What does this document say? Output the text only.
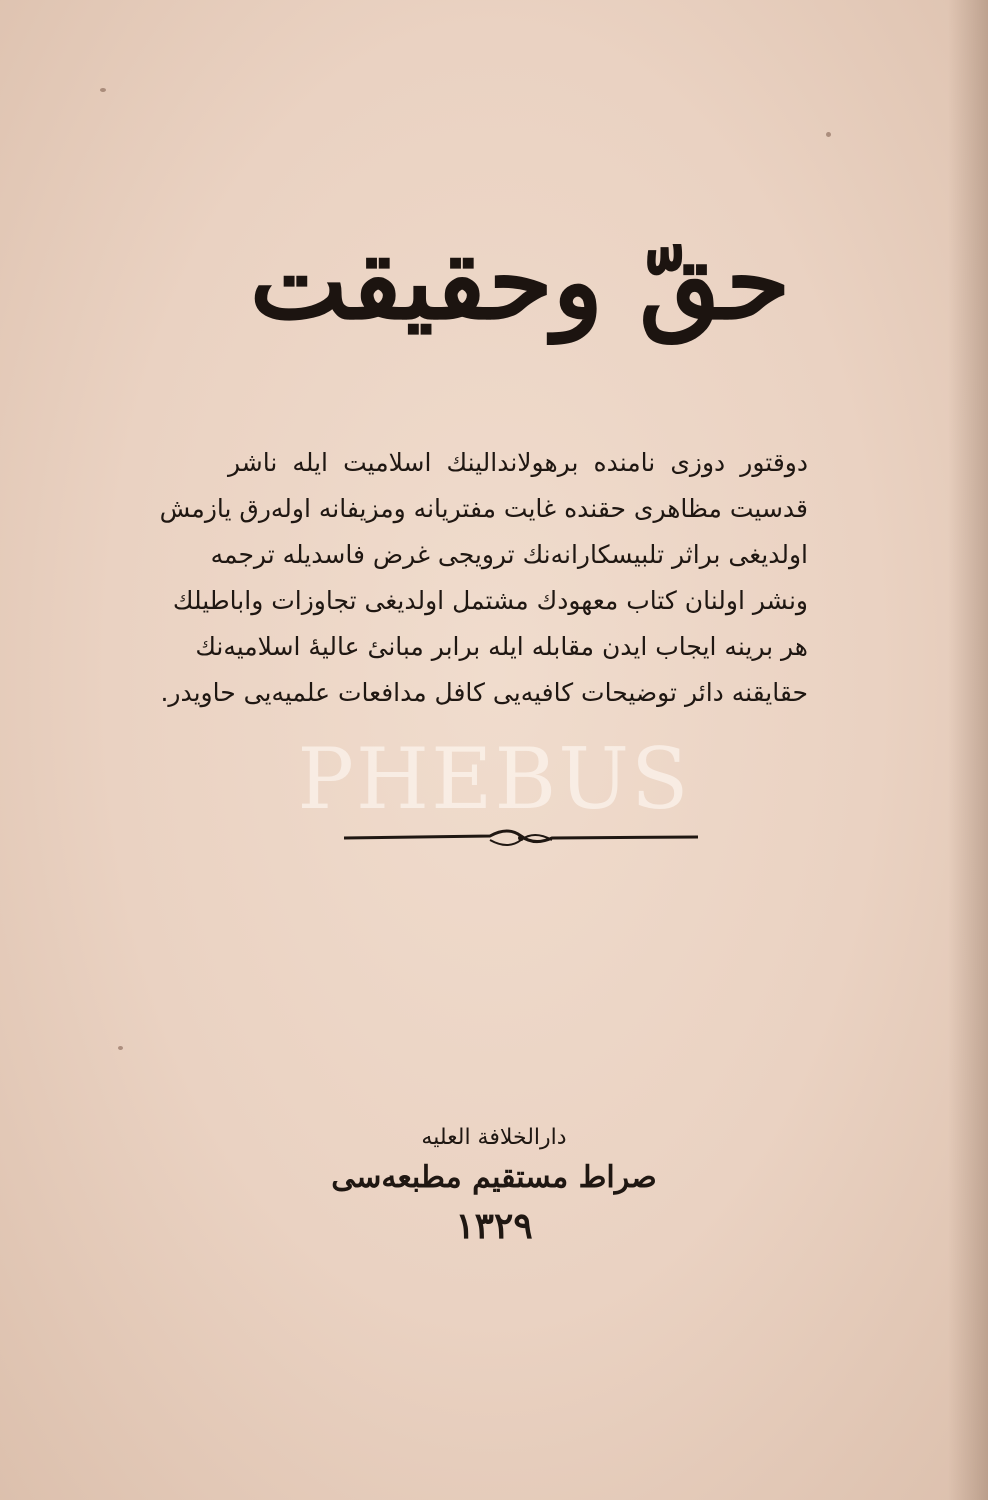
حقّ وحقیقت
دوقتور دوزی نامنده برهولاندالینك اسلامیت ایله ناشر
قدسیت مظاهری حقنده غایت مفتریانه ومزیفانه اوله‌رق یازمش
اولدیغی براثر تلبیسکارانه‌نك ترویجی غرض فاسدیله ترجمه
ونشر اولنان کتاب معهودك مشتمل اولدیغی تجاوزات واباطیلك
هر برینه ایجاب ایدن مقابله ایله برابر مبانیٔ عالیهٔ اسلامیه‌نك
حقایقنه دائر توضیحات کافیه‌یی کافل مدافعات علمیه‌یی حاویدر.
PHEBUS
دارالخلافة العلیه
صراط مستقیم مطبعه‌سی
١٣٢٩
